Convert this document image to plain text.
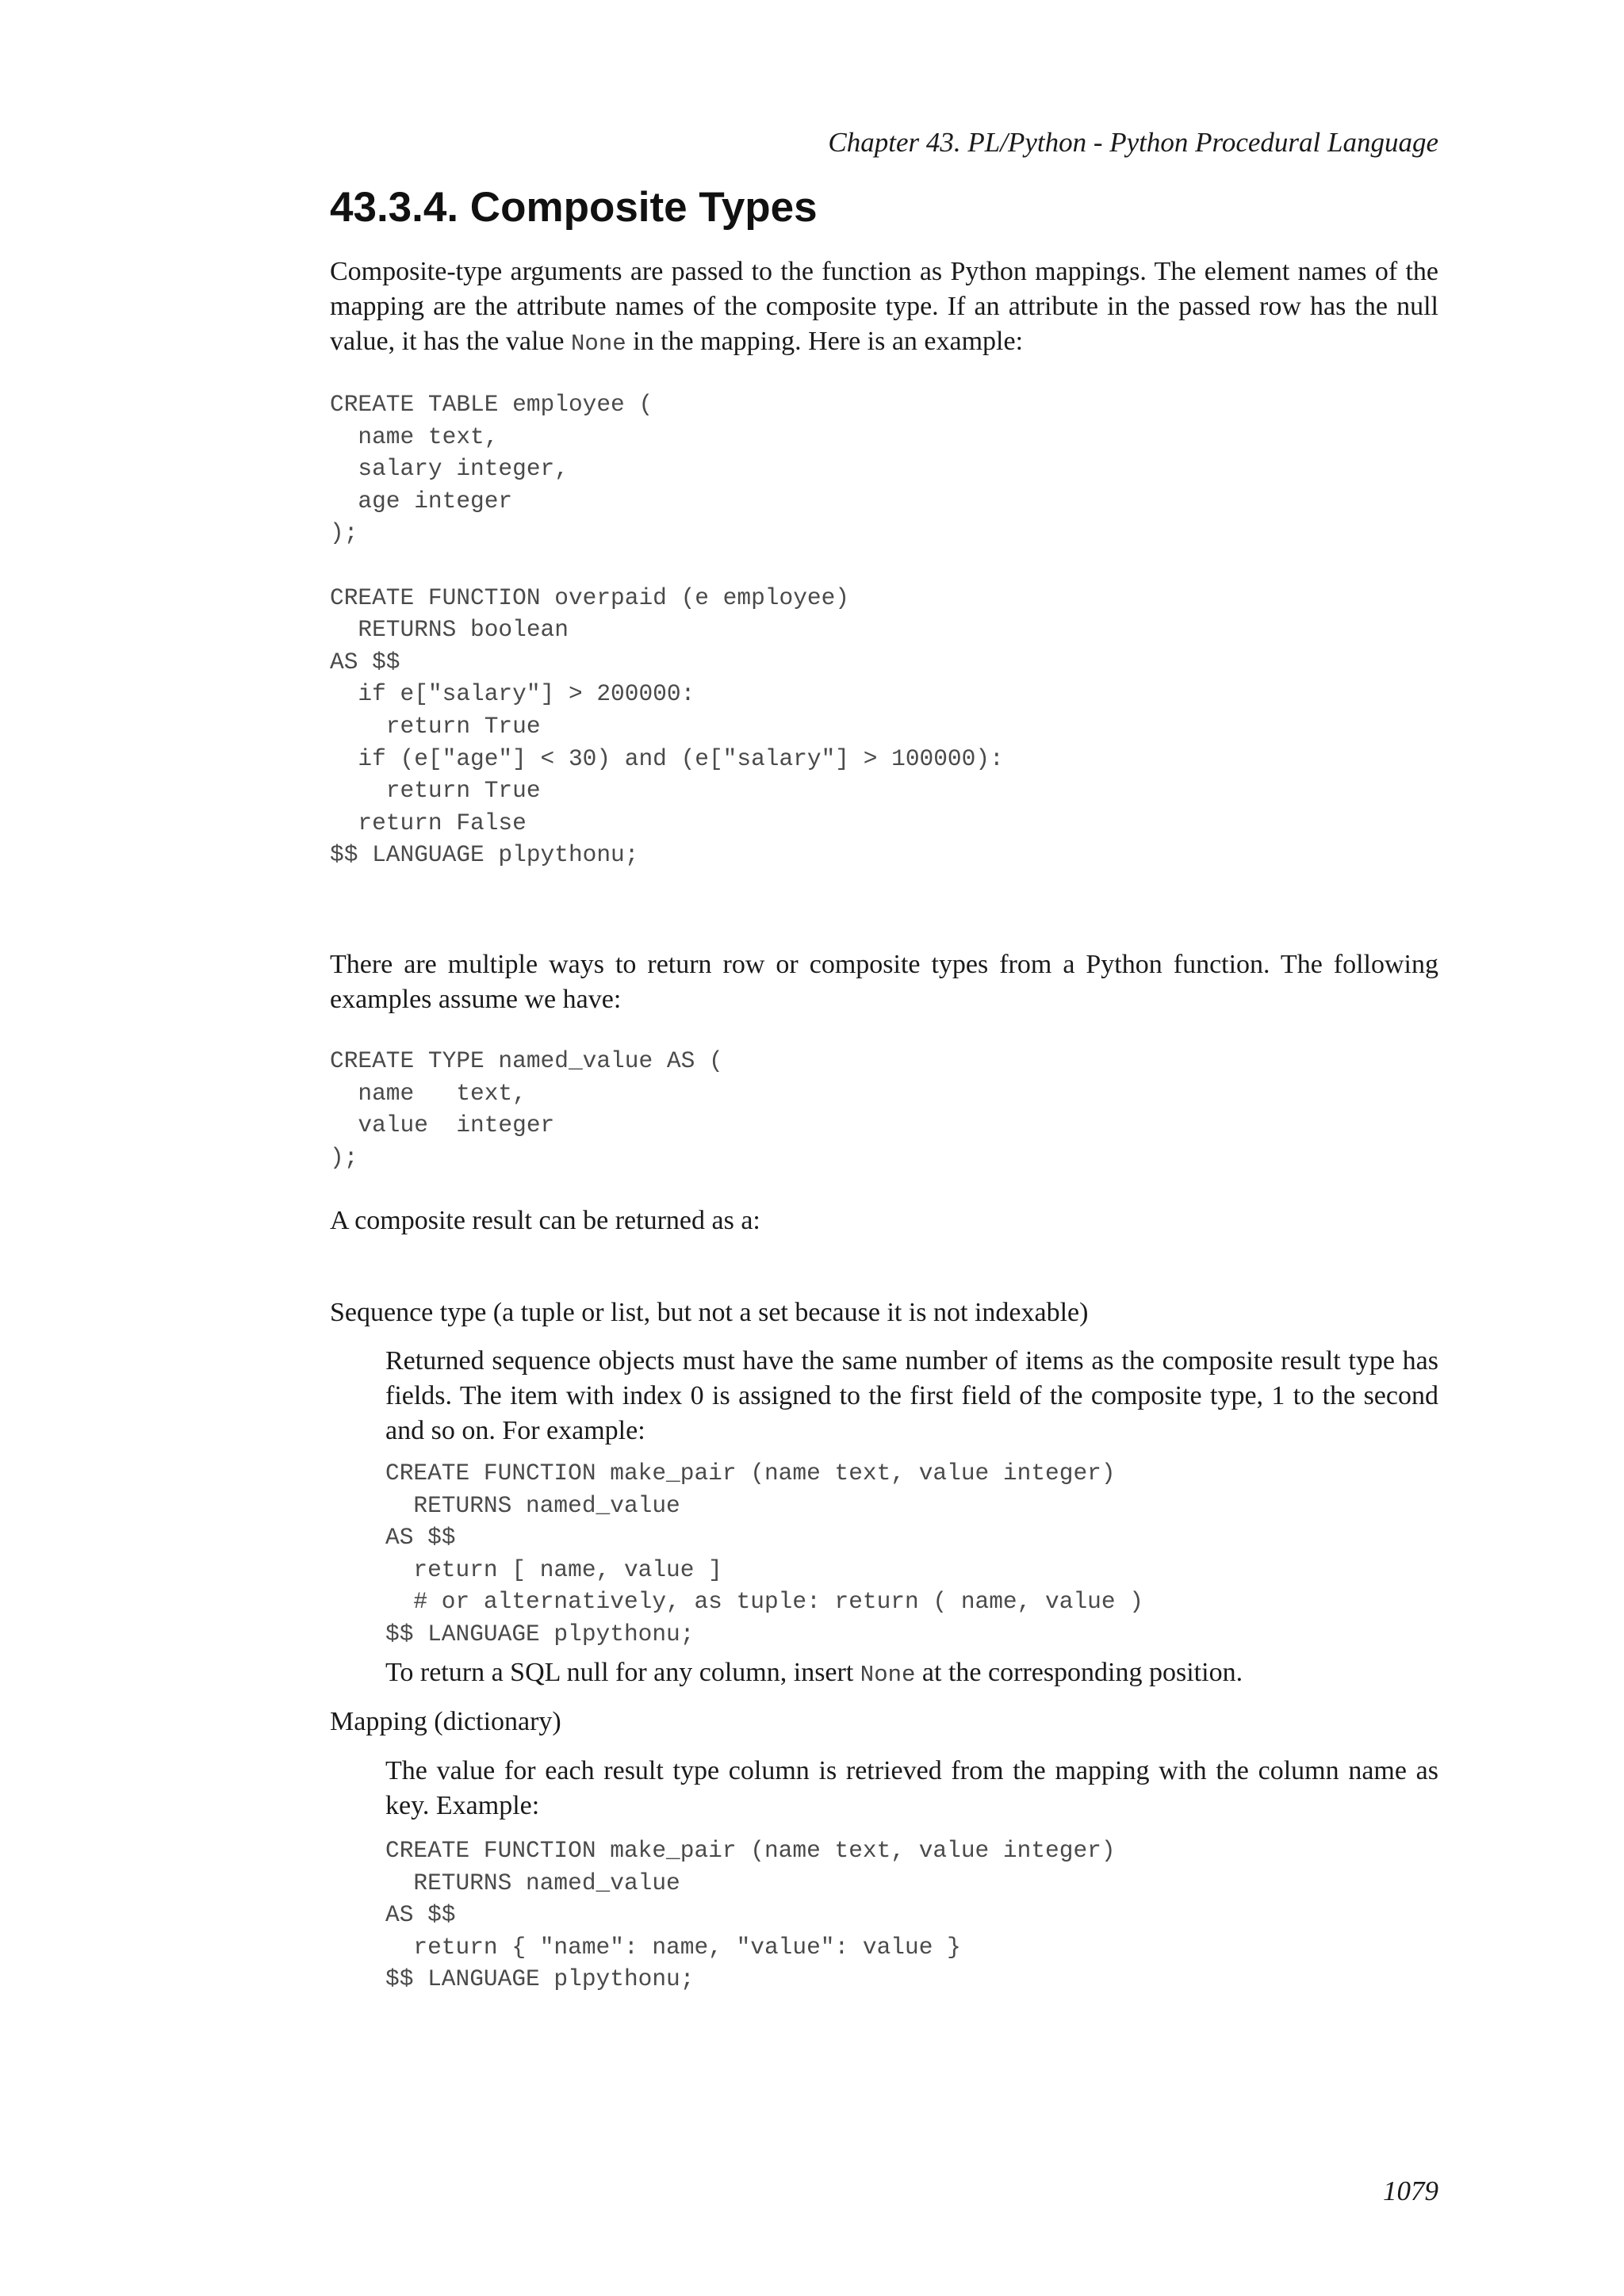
Chapter 43. PL/Python - Python Procedural Language
43.3.4. Composite Types

Composite-type arguments are passed to the function as Python mappings. The element names of the mapping are the attribute names of the composite type. If an attribute in the passed row has the null value, it has the value None in the mapping. Here is an example:

CREATE TABLE employee (
name text,
salary integer,
age integer
);

CREATE FUNCTION overpaid (e employee)
RETURNS boolean
AS $$
if e["salary"] > 200000:
return True
if (e["age"] < 30) and (e["salary"] > 100000):
return True
return False
$$ LANGUAGE plpythonu;

There are multiple ways to return row or composite types from a Python function. The following examples assume we have:

CREATE TYPE named_value AS (
name   text,
value  integer
);

A composite result can be returned as a:

Sequence type (a tuple or list, but not a set because it is not indexable)

Returned sequence objects must have the same number of items as the composite result type has fields. The item with index 0 is assigned to the first field of the composite type, 1 to the second and so on. For example:

CREATE FUNCTION make_pair (name text, value integer)
RETURNS named_value
AS $$
return [ name, value ]
# or alternatively, as tuple: return ( name, value )
$$ LANGUAGE plpythonu;

To return a SQL null for any column, insert None at the corresponding position.

Mapping (dictionary)

The value for each result type column is retrieved from the mapping with the column name as key. Example:

CREATE FUNCTION make_pair (name text, value integer)
RETURNS named_value
AS $$
return { "name": name, "value": value }
$$ LANGUAGE plpythonu;
1079
